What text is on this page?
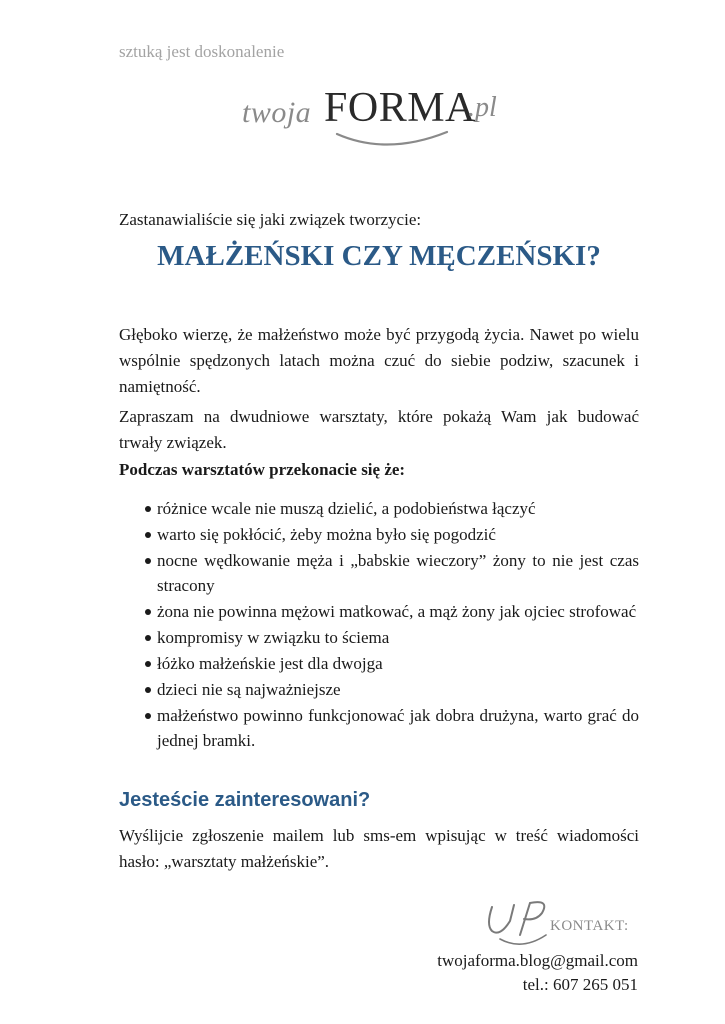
sztuką jest doskonalenie
twoja FORMA
.pl
Zastanawialiście się jaki związek tworzycie:
MAŁŻEŃSKI CZY MĘCZEŃSKI?

Głęboko wierzę, że małżeństwo może być przygodą życia. Nawet po wielu wspólnie spędzonych latach można czuć do siebie podziw, szacunek i namiętność.

Zapraszam na dwudniowe warsztaty, które pokażą Wam jak budować trwały związek.

Podczas warsztatów przekonacie się że:
różnice wcale nie muszą dzielić, a podobieństwa łączyć
warto się pokłócić, żeby można było się pogodzić
nocne wędkowanie męża i „babskie wieczory” żony to nie jest czas stracony
żona nie powinna mężowi matkować, a mąż żony jak ojciec strofować
kompromisy w związku to ściema
łóżko małżeńskie jest dla dwojga
dzieci nie są najważniejsze
małżeństwo powinno funkcjonować jak dobra drużyna, warto grać do jednej bramki.
Jesteście zainteresowani?

Wyślijcie zgłoszenie mailem lub sms-em wpisując w treść wiadomości hasło: „warsztaty małżeńskie”.

KONTAKT:
twojaforma.blog@gmail.com
tel.: 607 265 051
